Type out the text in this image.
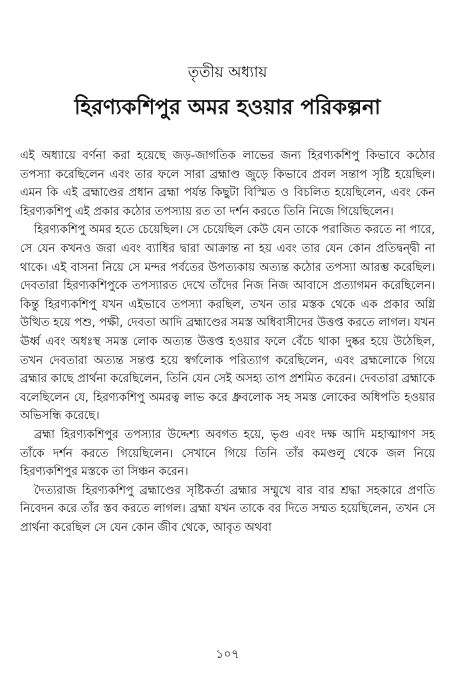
তৃতীয় অধ্যায়
হিরণ্যকশিপুর অমর হওয়ার পরিকল্পনা

এই অধ্যায়ে বর্ণনা করা হয়েছে জড়-জাগতিক লাভের জন্য হিরণ্যকশিপু কিভাবে কঠোর তপস্যা করেছিলেন এবং তার ফলে সারা ব্রহ্মাণ্ড জুড়ে কিভাবে প্রবল সন্তাপ সৃষ্টি হয়েছিল। এমন কি এই ব্রহ্মাণ্ডের প্রধান ব্রহ্মা পর্যন্ত কিছুটা বিস্মিত ও বিচলিত হয়েছিলেন, এবং কেন হিরণ্যকশিপু এই প্রকার কঠোর তপস্যায় রত তা দর্শন করতে তিনি নিজে গিয়েছিলেন।

হিরণ্যকশিপু অমর হতে চেয়েছিল। সে চেয়েছিল কেউ যেন তাকে পরাজিত করতে না পারে, সে যেন কখনও জরা এবং ব্যাধির দ্বারা আক্রান্ত না হয় এবং তার যেন কোন প্রতিদ্বন্দ্বী না থাকে। এই বাসনা নিয়ে সে মন্দর পর্বতের উপত্যকায় অত্যন্ত কঠোর তপস্যা আরম্ভ করেছিল। দেবতারা হিরণ্যকশিপুকে তপস্যারত দেখে তাঁদের নিজ নিজ আবাসে প্রত্যাগমন করেছিলেন। কিন্তু হিরণ্যকশিপু যখন এইভাবে তপস্যা করছিল, তখন তার মস্তক থেকে এক প্রকার অগ্নি উত্থিত হয়ে পশু, পক্ষী, দেবতা আদি ব্রহ্মাণ্ডের সমস্ত অধিবাসীদের উত্তপ্ত করতে লাগল। যখন ঊর্ধ্ব এবং অধঃস্থ সমস্ত লোক অত্যন্ত উত্তপ্ত হওয়ার ফলে বেঁচে থাকা দুষ্কর হয়ে উঠেছিল, তখন দেবতারা অত্যন্ত সন্তপ্ত হয়ে স্বর্গলোক পরিত্যাগ করেছিলেন, এবং ব্রহ্মলোকে গিয়ে ব্রহ্মার কাছে প্রার্থনা করেছিলেন, তিনি যেন সেই অসহ্য তাপ প্রশমিত করেন। দেবতারা ব্রহ্মাকে বলেছিলেন যে, হিরণ্যকশিপু অমরত্ব লাভ করে ধ্রুবলোক সহ সমস্ত লোকের অধিপতি হওয়ার অভিসন্ধি করেছে।

ব্রহ্মা হিরণ্যকশিপুর তপস্যার উদ্দেশ্য অবগত হয়ে, ভৃগু এবং দক্ষ আদি মহাত্মাগণ সহ তাঁকে দর্শন করতে গিয়েছিলেন। সেখানে গিয়ে তিনি তাঁর কমণ্ডলু থেকে জল নিয়ে হিরণ্যকশিপুর মস্তকে তা সিঞ্চন করেন।

দৈত্যরাজ হিরণ্যকশিপু ব্রহ্মাণ্ডের সৃষ্টিকর্তা ব্রহ্মার সম্মুখে বার বার শ্রদ্ধা সহকারে প্রণতি নিবেদন করে তাঁর স্তব করতে লাগল। ব্রহ্মা যখন তাকে বর দিতে সম্মত হয়েছিলেন, তখন সে প্রার্থনা করেছিল সে যেন কোন জীব থেকে, আবৃত অথবা

১০৭
